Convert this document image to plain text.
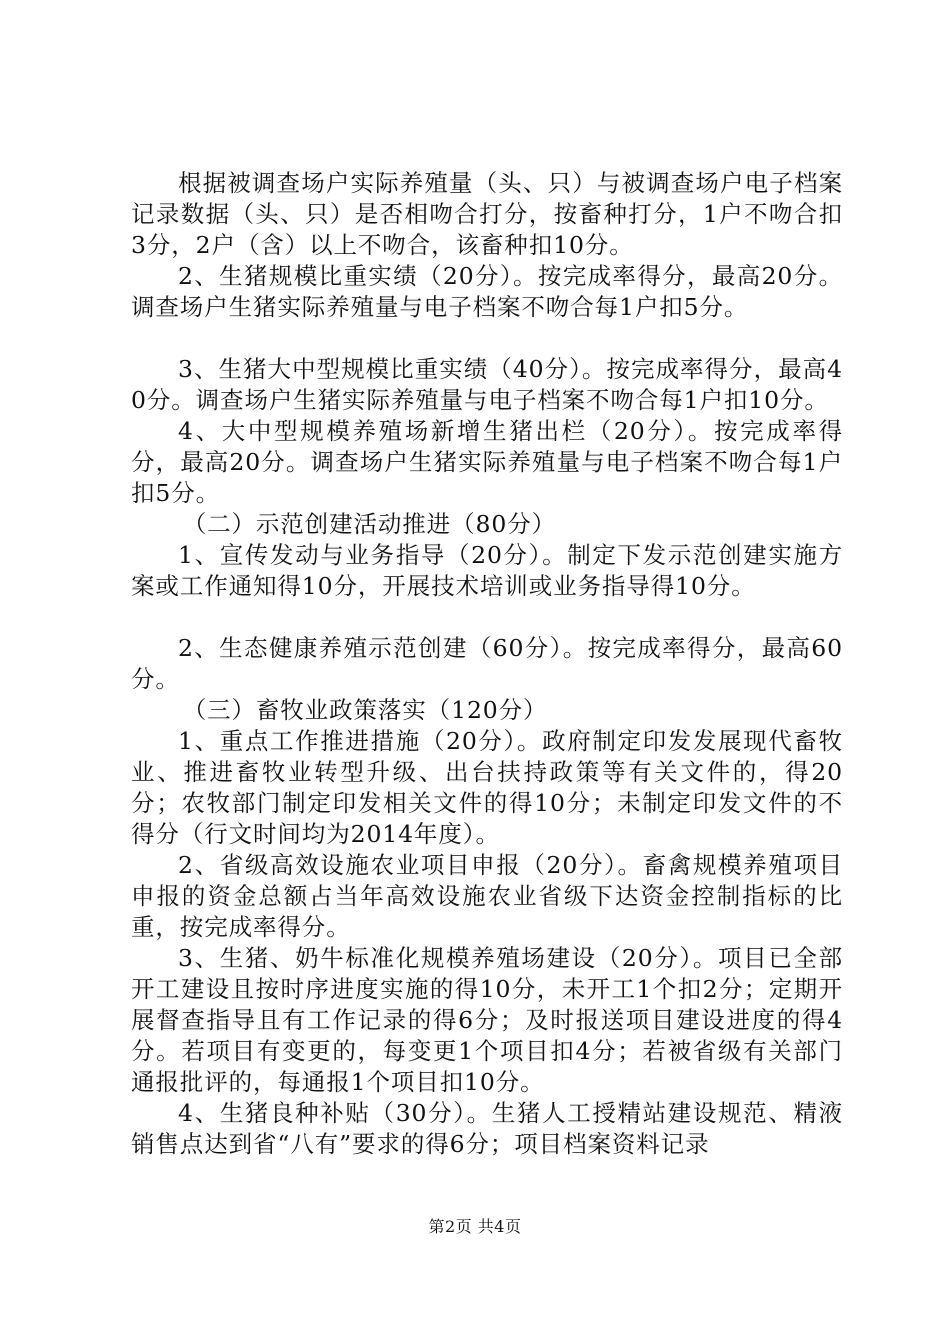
根据被调查场户实际养殖量（头、只）与被调查场户电子档案记录数据（头、只）是否相吻合打分，按畜种打分，1户不吻合扣3分，2户（含）以上不吻合，该畜种扣10分。

2、生猪规模比重实绩（20分）。按完成率得分，最高20分。调查场户生猪实际养殖量与电子档案不吻合每1户扣5分。

3、生猪大中型规模比重实绩（40分）。按完成率得分，最高40分。调查场户生猪实际养殖量与电子档案不吻合每1户扣10分。

4、大中型规模养殖场新增生猪出栏（20分）。按完成率得分，最高20分。调查场户生猪实际养殖量与电子档案不吻合每1户扣5分。

（二）示范创建活动推进（80分）

1、宣传发动与业务指导（20分）。制定下发示范创建实施方案或工作通知得10分，开展技术培训或业务指导得10分。

2、生态健康养殖示范创建（60分）。按完成率得分，最高60分。

（三）畜牧业政策落实（120分）

1、重点工作推进措施（20分）。政府制定印发发展现代畜牧业、推进畜牧业转型升级、出台扶持政策等有关文件的，得20分；农牧部门制定印发相关文件的得10分；未制定印发文件的不得分（行文时间均为2014年度）。

2、省级高效设施农业项目申报（20分）。畜禽规模养殖项目申报的资金总额占当年高效设施农业省级下达资金控制指标的比重，按完成率得分。

3、生猪、奶牛标准化规模养殖场建设（20分）。项目已全部开工建设且按时序进度实施的得10分，未开工1个扣2分；定期开展督查指导且有工作记录的得6分；及时报送项目建设进度的得4分。若项目有变更的，每变更1个项目扣4分；若被省级有关部门通报批评的，每通报1个项目扣10分。

4、生猪良种补贴（30分）。生猪人工授精站建设规范、精液销售点达到省“八有”要求的得6分；项目档案资料记录

第2页 共4页
